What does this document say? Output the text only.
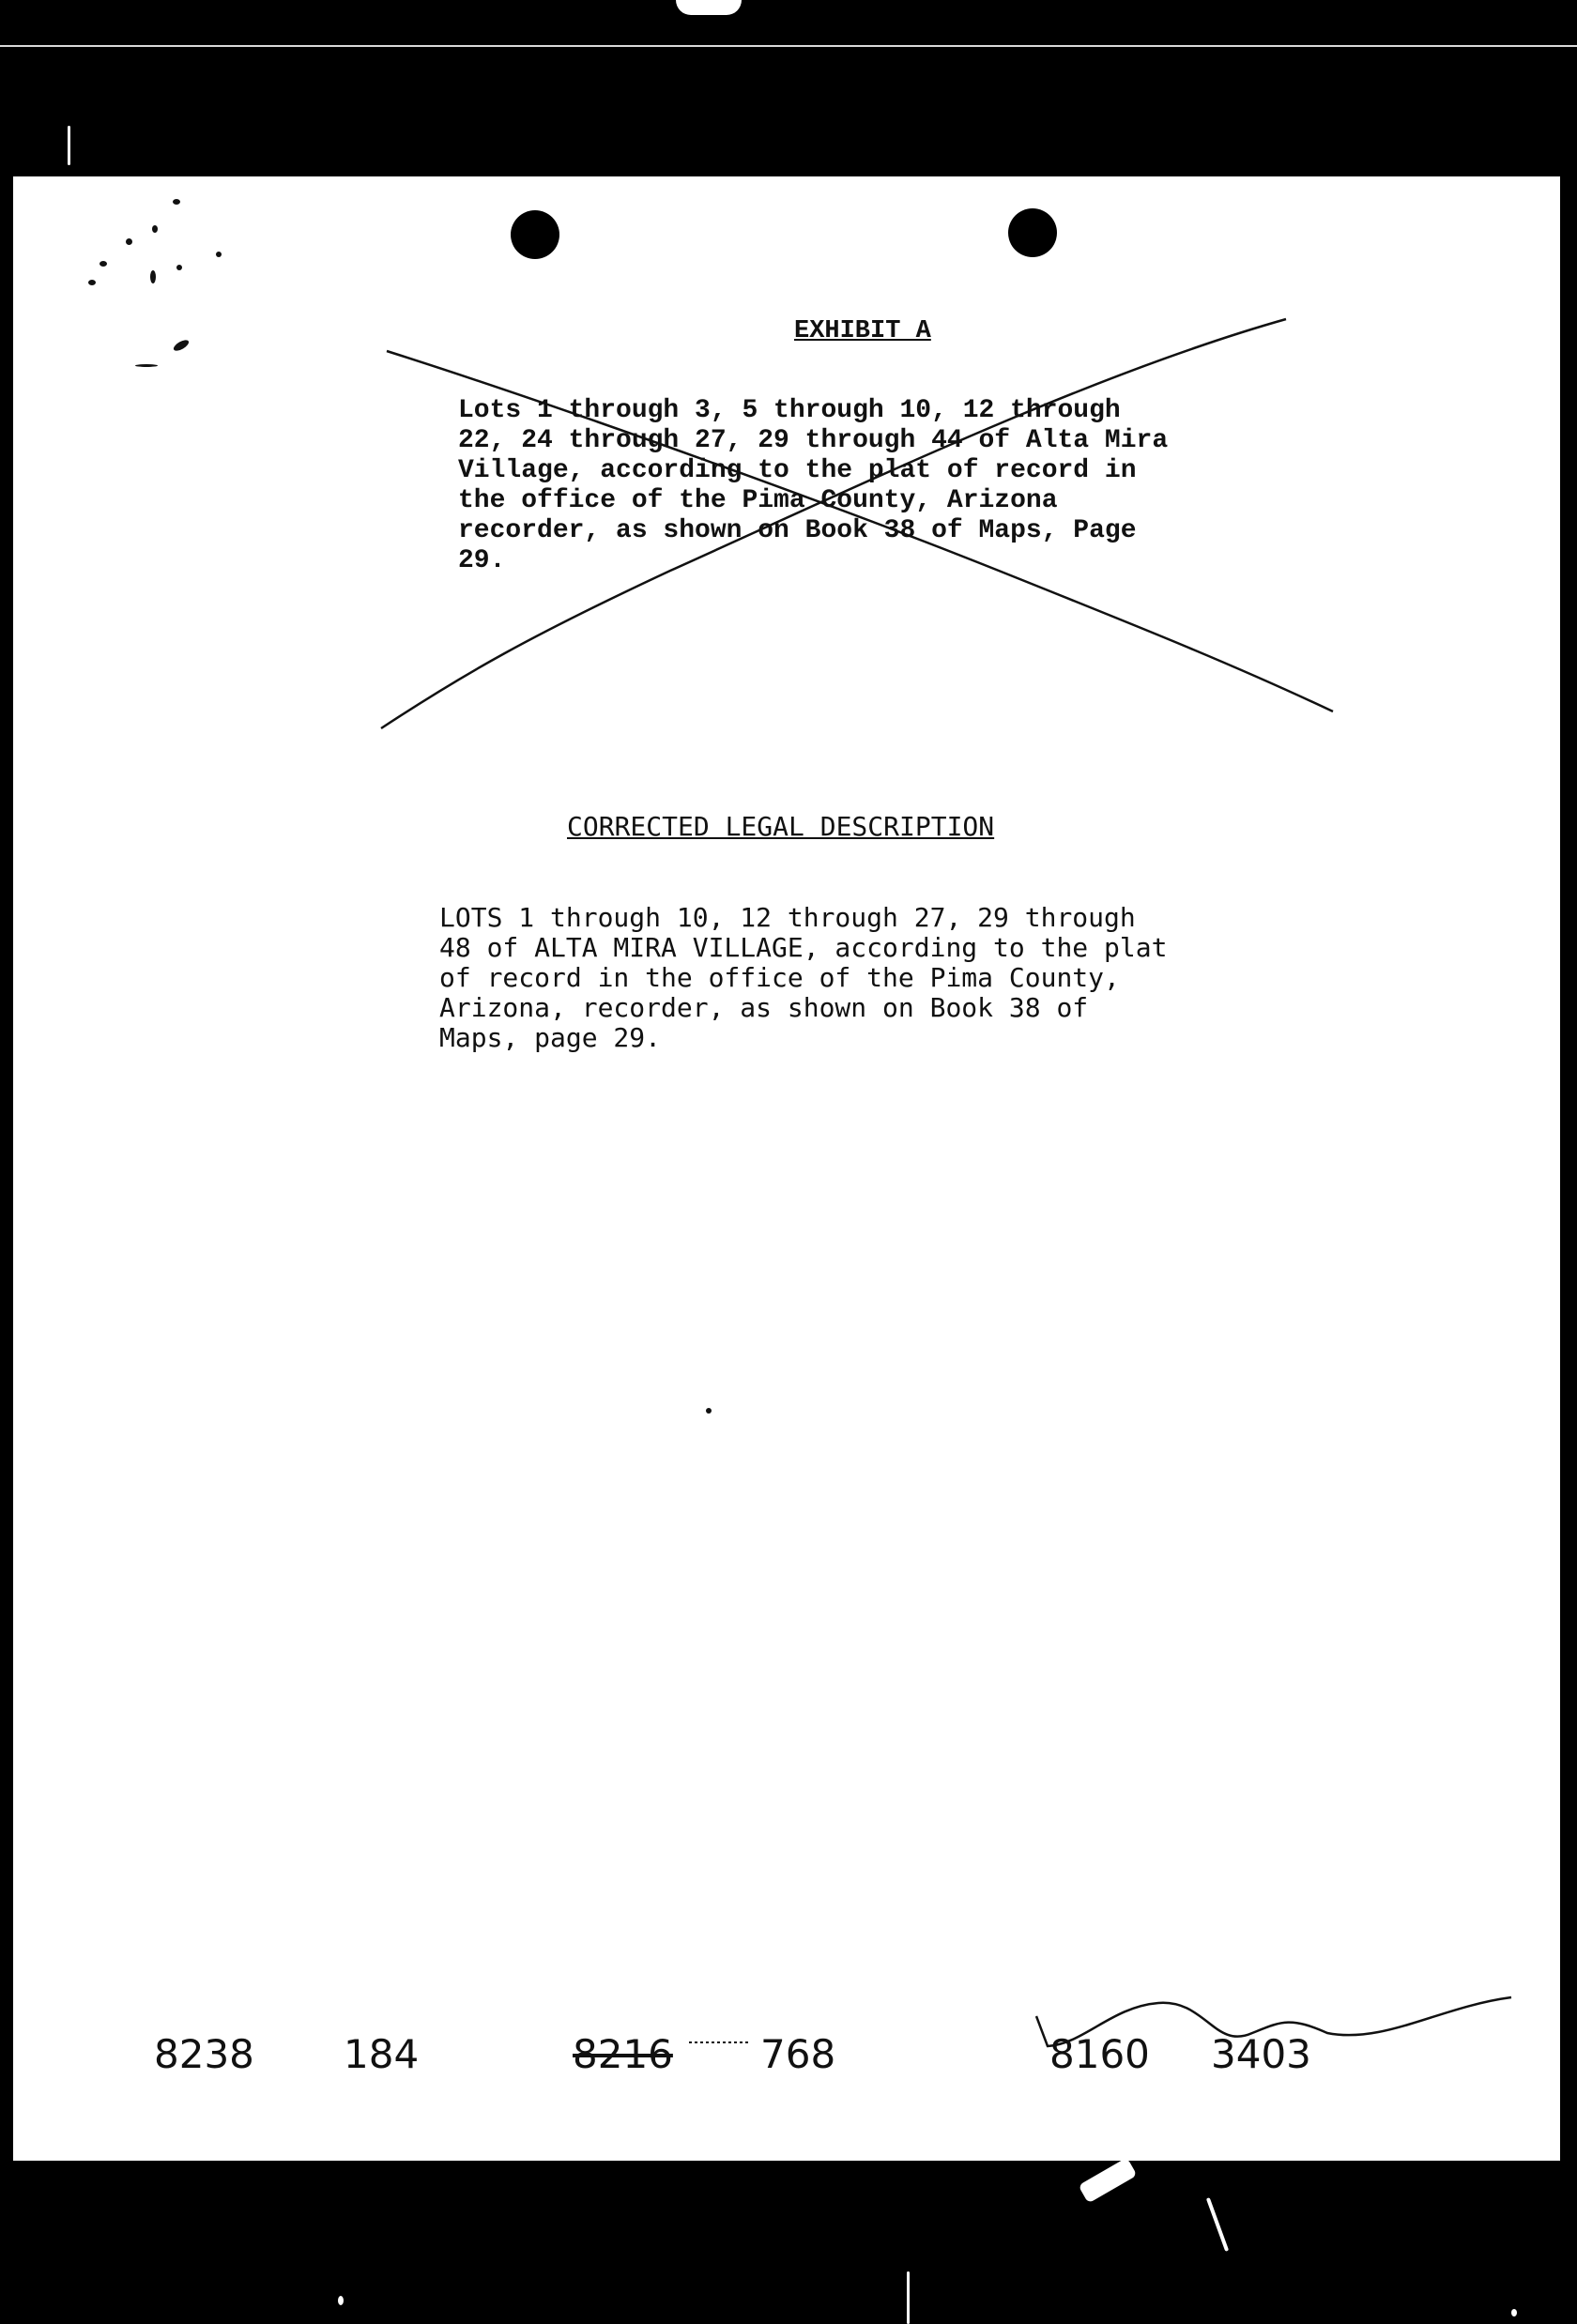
EXHIBIT A
Lots 1 through 3, 5 through 10, 12 through
22, 24 through 27, 29 through 44 of Alta Mira
Village, according to the plat of record in
the office of the Pima County, Arizona
recorder, as shown on Book 38 of Maps, Page
29.
CORRECTED LEGAL DESCRIPTION
LOTS 1 through 10, 12 through 27, 29 through
48 of ALTA MIRA VILLAGE, according to the plat
of record in the office of the Pima County,
Arizona, recorder, as shown on Book 38 of
Maps, page 29.
8238 184	8216 768	8160 3403
